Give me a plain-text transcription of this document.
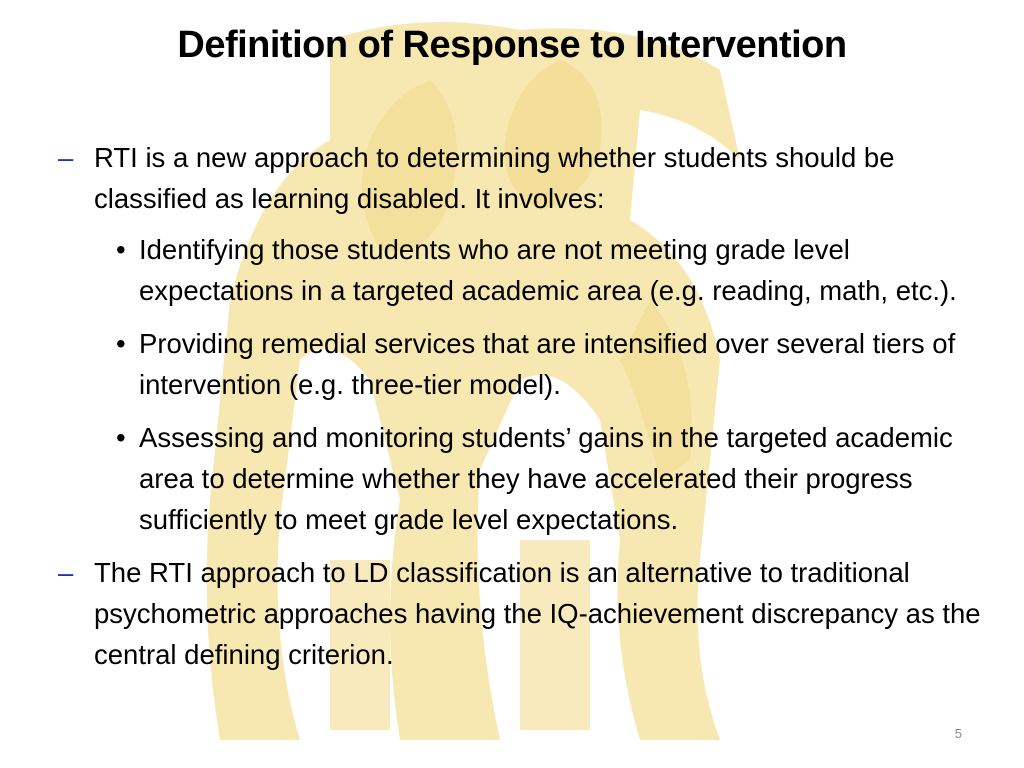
Definition of Response to Intervention
– RTI is a new approach to determining whether students should be classified as learning disabled. It involves:
• Identifying those students who are not meeting grade level expectations in a targeted academic area (e.g. reading, math, etc.).
• Providing remedial services that are intensified over several tiers of intervention (e.g. three-tier model).
• Assessing and monitoring students’ gains in the targeted academic area to determine whether they have accelerated their progress sufficiently to meet grade level expectations.
– The RTI approach to LD classification is an alternative to traditional psychometric approaches having the IQ-achievement discrepancy as the central defining criterion.
5
